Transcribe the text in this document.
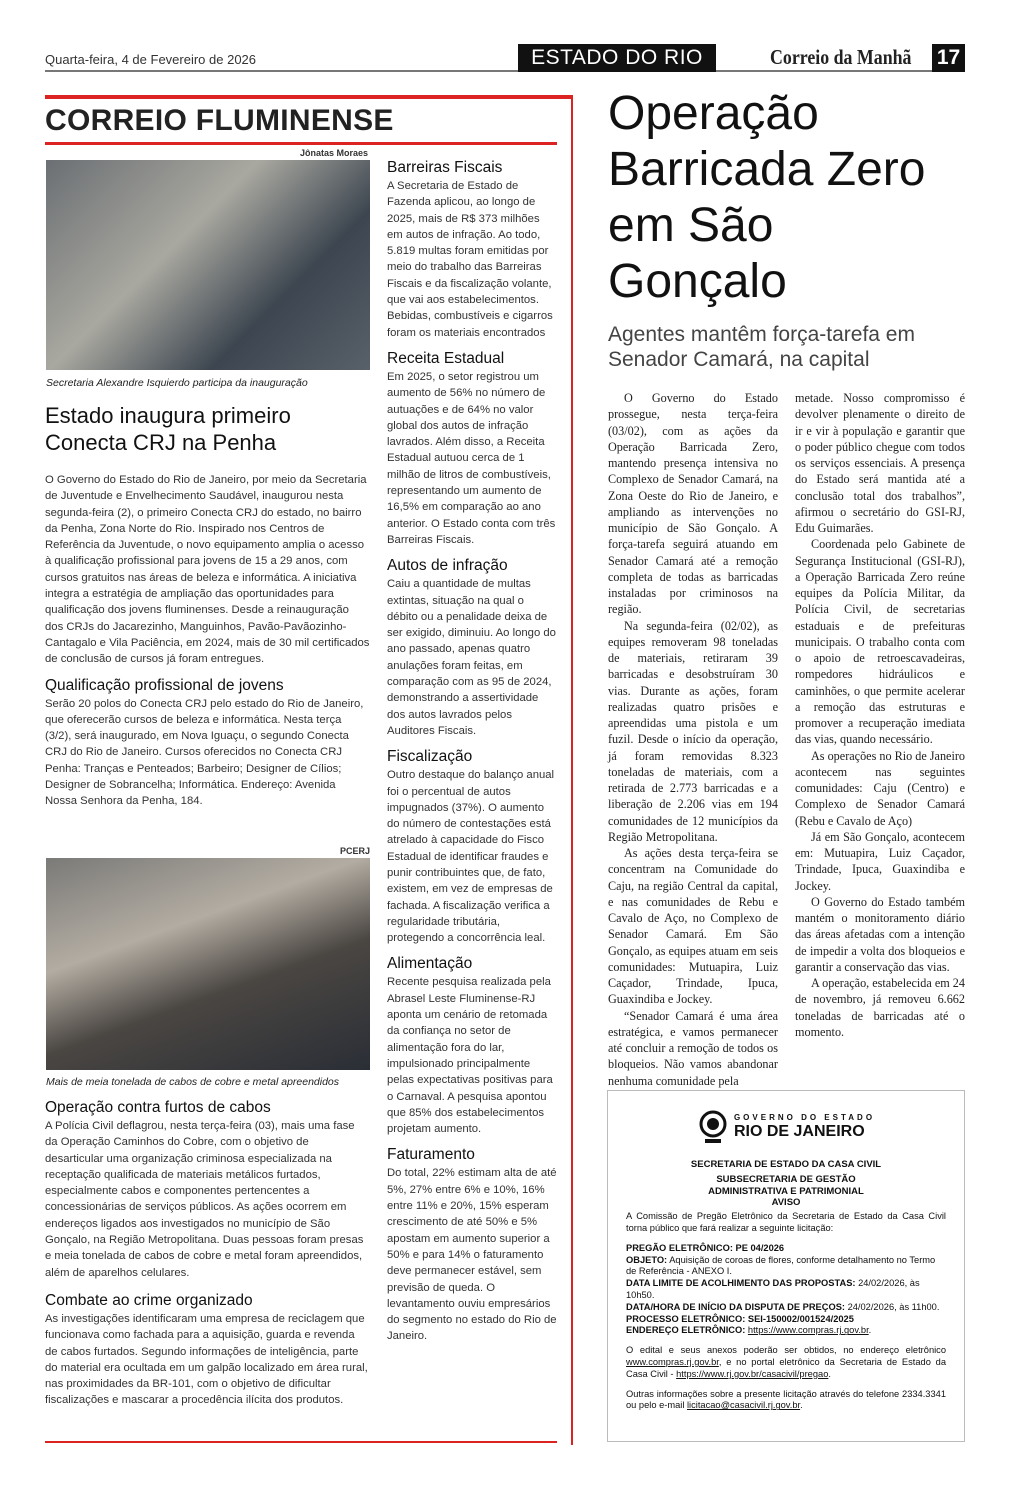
Quarta-feira, 4 de Fevereiro de 2026	ESTADO DO RIO	Correio da Manhã 17
CORREIO FLUMINENSE
Jônatas Moraes
Secretaria Alexandre Isquierdo participa da inauguração
Estado inaugura primeiro Conecta CRJ na Penha

O Governo do Estado do Rio de Janeiro, por meio da Secretaria de Juventude e Envelhecimento Saudável, inaugurou nesta segunda-feira (2), o primeiro Conecta CRJ do estado, no bairro da Penha, Zona Norte do Rio. Inspirado nos Centros de Referência da Juventude, o novo equipamento amplia o acesso à qualificação profissional para jovens de 15 a 29 anos, com cursos gratuitos nas áreas de beleza e informática. A iniciativa integra a estratégia de ampliação das oportunidades para qualificação dos jovens fluminenses. Desde a reinauguração dos CRJs do Jacarezinho, Manguinhos, Pavão-Pavãozinho-Cantagalo e Vila Paciência, em 2024, mais de 30 mil certificados de conclusão de cursos já foram entregues.

Qualificação profissional de jovens

Serão 20 polos do Conecta CRJ pelo estado do Rio de Janeiro, que oferecerão cursos de beleza e informática. Nesta terça (3/2), será inaugurado, em Nova Iguaçu, o segundo Conecta CRJ do Rio de Janeiro. Cursos oferecidos no Conecta CRJ Penha: Tranças e Penteados; Barbeiro; Designer de Cílios; Designer de Sobrancelha; Informática. Endereço: Avenida Nossa Senhora da Penha, 184.

PCERJ
Mais de meia tonelada de cabos de cobre e metal apreendidos
Operação contra furtos de cabos

A Polícia Civil deflagrou, nesta terça-feira (03), mais uma fase da Operação Caminhos do Cobre, com o objetivo de desarticular uma organização criminosa especializada na receptação qualificada de materiais metálicos furtados, especialmente cabos e componentes pertencentes a concessionárias de serviços públicos. As ações ocorrem em endereços ligados aos investigados no município de São Gonçalo, na Região Metropolitana. Duas pessoas foram presas e meia tonelada de cabos de cobre e metal foram apreendidos, além de aparelhos celulares.

Combate ao crime organizado

As investigações identificaram uma empresa de reciclagem que funcionava como fachada para a aquisição, guarda e revenda de cabos furtados. Segundo informações de inteligência, parte do material era ocultada em um galpão localizado em área rural, nas proximidades da BR-101, com o objetivo de dificultar fiscalizações e mascarar a procedência ilícita dos produtos.

Barreiras Fiscais

A Secretaria de Estado de Fazenda aplicou, ao longo de 2025, mais de R$ 373 milhões em autos de infração. Ao todo, 5.819 multas foram emitidas por meio do trabalho das Barreiras Fiscais e da fiscalização volante, que vai aos estabelecimentos. Bebidas, combustíveis e cigarros foram os materiais encontrados

Receita Estadual

Em 2025, o setor registrou um aumento de 56% no número de autuações e de 64% no valor global dos autos de infração lavrados. Além disso, a Receita Estadual autuou cerca de 1 milhão de litros de combustíveis, representando um aumento de 16,5% em comparação ao ano anterior. O Estado conta com três Barreiras Fiscais.

Autos de infração

Caiu a quantidade de multas extintas, situação na qual o débito ou a penalidade deixa de ser exigido, diminuiu. Ao longo do ano passado, apenas quatro anulações foram feitas, em comparação com as 95 de 2024, demonstrando a assertividade dos autos lavrados pelos Auditores Fiscais.

Fiscalização

Outro destaque do balanço anual foi o percentual de autos impugnados (37%). O aumento do número de contestações está atrelado à capacidade do Fisco Estadual de identificar fraudes e punir contribuintes que, de fato, existem, em vez de empresas de fachada. A fiscalização verifica a regularidade tributária, protegendo a concorrência leal.

Alimentação

Recente pesquisa realizada pela Abrasel Leste Fluminense-RJ aponta um cenário de retomada da confiança no setor de alimentação fora do lar, impulsionado principalmente pelas expectativas positivas para o Carnaval. A pesquisa apontou que 85% dos estabelecimentos projetam aumento.

Faturamento

Do total, 22% estimam alta de até 5%, 27% entre 6% e 10%, 16% entre 11% e 20%, 15% esperam crescimento de até 50% e 5% apostam em aumento superior a 50% e para 14% o faturamento deve permanecer estável, sem previsão de queda. O levantamento ouviu empresários do segmento no estado do Rio de Janeiro.

Operação Barricada Zero em São Gonçalo
Agentes mantêm força-tarefa em Senador Camará, na capital

O Governo do Estado prossegue, nesta terça-feira (03/02), com as ações da Operação Barricada Zero, mantendo presença intensiva no Complexo de Senador Camará, na Zona Oeste do Rio de Janeiro, e ampliando as intervenções no município de São Gonçalo. A força-tarefa seguirá atuando em Senador Camará até a remoção completa de todas as barricadas instaladas por criminosos na região.

Na segunda-feira (02/02), as equipes removeram 98 toneladas de materiais, retiraram 39 barricadas e desobstruíram 30 vias. Durante as ações, foram realizadas quatro prisões e apreendidas uma pistola e um fuzil. Desde o início da operação, já foram removidas 8.323 toneladas de materiais, com a retirada de 2.773 barricadas e a liberação de 2.206 vias em 194 comunidades de 12 municípios da Região Metropolitana.

As ações desta terça-feira se concentram na Comunidade do Caju, na região Central da capital, e nas comunidades de Rebu e Cavalo de Aço, no Complexo de Senador Camará. Em São Gonçalo, as equipes atuam em seis comunidades: Mutuapira, Luiz Caçador, Trindade, Ipuca, Guaxindiba e Jockey.

“Senador Camará é uma área estratégica, e vamos permanecer até concluir a remoção de todos os bloqueios. Não vamos abandonar nenhuma comunidade pela

metade. Nosso compromisso é devolver plenamente o direito de ir e vir à população e garantir que o poder público chegue com todos os serviços essenciais. A presença do Estado será mantida até a conclusão total dos trabalhos”, afirmou o secretário do GSI-RJ, Edu Guimarães.

Coordenada pelo Gabinete de Segurança Institucional (GSI-RJ), a Operação Barricada Zero reúne equipes da Polícia Militar, da Polícia Civil, de secretarias estaduais e de prefeituras municipais. O trabalho conta com o apoio de retroescavadeiras, rompedores hidráulicos e caminhões, o que permite acelerar a remoção das estruturas e promover a recuperação imediata das vias, quando necessário.

As operações no Rio de Janeiro acontecem nas seguintes comunidades: Caju (Centro) e Complexo de Senador Camará (Rebu e Cavalo de Aço)

Já em São Gonçalo, acontecem em: Mutuapira, Luiz Caçador, Trindade, Ipuca, Guaxindiba e Jockey.

O Governo do Estado também mantém o monitoramento diário das áreas afetadas com a intenção de impedir a volta dos bloqueios e garantir a conservação das vias.

A operação, estabelecida em 24 de novembro, já removeu 6.662 toneladas de barricadas até o momento.

GOVERNO DO ESTADO
RIO DE JANEIRO
SECRETARIA DE ESTADO DA CASA CIVIL
SUBSECRETARIA DE GESTÃO
ADMINISTRATIVA E PATRIMONIAL
AVISO
A Comissão de Pregão Eletrônico da Secretaria de Estado da Casa Civil torna público que fará realizar a seguinte licitação:
PREGÃO ELETRÔNICO: PE 04/2026
OBJETO: Aquisição de coroas de flores, conforme detalhamento no Termo de Referência - ANEXO I.
DATA LIMITE DE ACOLHIMENTO DAS PROPOSTAS: 24/02/2026, às 10h50.
DATA/HORA DE INÍCIO DA DISPUTA DE PREÇOS: 24/02/2026, às 11h00.
PROCESSO ELETRÔNICO: SEI-150002/001524/2025
ENDEREÇO ELETRÔNICO: https://www.compras.rj.gov.br.
O edital e seus anexos poderão ser obtidos, no endereço eletrônico www.compras.rj.gov.br, e no portal eletrônico da Secretaria de Estado da Casa Civil - https://www.rj.gov.br/casacivil/pregao.
Outras informações sobre a presente licitação através do telefone 2334.3341 ou pelo e-mail licitacao@casacivil.rj.gov.br.
